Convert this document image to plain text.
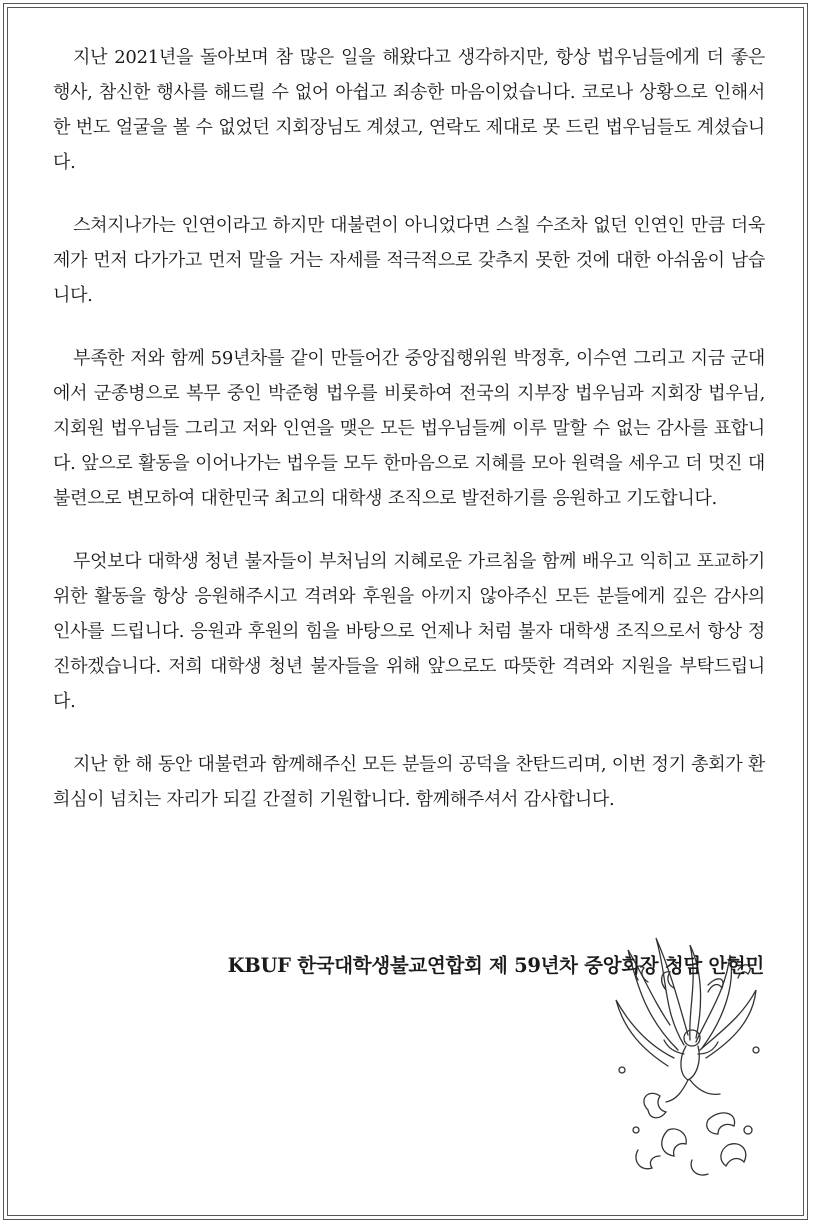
지난 2021년을 돌아보며 참 많은 일을 해왔다고 생각하지만, 항상 법우님들에게 더 좋은 행사, 참신한 행사를 해드릴 수 없어 아쉽고 죄송한 마음이었습니다. 코로나 상황으로 인해서 한 번도 얼굴을 볼 수 없었던 지회장님도 계셨고, 연락도 제대로 못 드린 법우님들도 계셨습니다.

스쳐지나가는 인연이라고 하지만 대불련이 아니었다면 스칠 수조차 없던 인연인 만큼 더욱 제가 먼저 다가가고 먼저 말을 거는 자세를 적극적으로 갖추지 못한 것에 대한 아쉬움이 남습니다.

부족한 저와 함께 59년차를 같이 만들어간 중앙집행위원 박정후, 이수연 그리고 지금 군대에서 군종병으로 복무 중인 박준형 법우를 비롯하여 전국의 지부장 법우님과 지회장 법우님, 지회원 법우님들 그리고 저와 인연을 맺은 모든 법우님들께 이루 말할 수 없는 감사를 표합니다. 앞으로 활동을 이어나가는 법우들 모두 한마음으로 지혜를 모아 원력을 세우고 더 멋진 대불련으로 변모하여 대한민국 최고의 대학생 조직으로 발전하기를 응원하고 기도합니다.

무엇보다 대학생 청년 불자들이 부처님의 지혜로운 가르침을 함께 배우고 익히고 포교하기 위한 활동을 항상 응원해주시고 격려와 후원을 아끼지 않아주신 모든 분들에게 깊은 감사의 인사를 드립니다. 응원과 후원의 힘을 바탕으로 언제나 처럼 불자 대학생 조직으로서 항상 정진하겠습니다. 저희 대학생 청년 불자들을 위해 앞으로도 따뜻한 격려와 지원을 부탁드립니다.

지난 한 해 동안 대불련과 함께해주신 모든 분들의 공덕을 찬탄드리며, 이번 정기 총회가 환희심이 넘치는 자리가 되길 간절히 기원합니다. 함께해주셔서 감사합니다.

KBUF 한국대학생불교연합회 제 59년차 중앙회장 청담 안현민
